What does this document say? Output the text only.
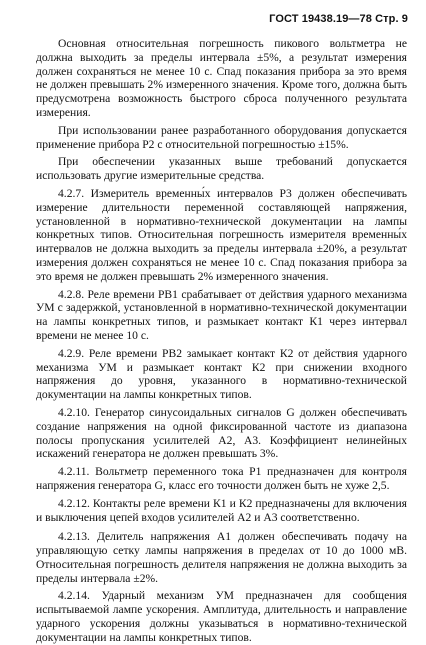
ГОСТ 19438.19—78 Стр. 9

Основная относительная погрешность пикового вольтметра не должна выходить за пределы интервала ±5%, а результат измерения должен сохраняться не менее 10 с. Спад показания прибора за это время не должен превышать 2% измеренного значения. Кроме того, должна быть предусмотрена возможность быстрого сброса полученного результата измерения.

При использовании ранее разработанного оборудования допускается применение прибора Р2 с относительной погрешностью ±15%.

При обеспечении указанных выше требований допускается использовать другие измерительные средства.

4.2.7. Измеритель временны́х интервалов Р3 должен обеспечивать измерение длительности переменной составляющей напряжения, установленной в нормативно-технической документации на лампы конкретных типов. Относительная погрешность измерителя временны́х интервалов не должна выходить за пределы интервала ±20%, а результат измерения должен сохраняться не менее 10 с. Спад показания прибора за это время не должен превышать 2% измеренного значения.

4.2.8. Реле времени РВ1 срабатывает от действия ударного механизма УМ с задержкой, установленной в нормативно-технической документации на лампы конкретных типов, и размыкает контакт К1 через интервал времени не менее 10 с.

4.2.9. Реле времени РВ2 замыкает контакт К2 от действия ударного механизма УМ и размыкает контакт К2 при снижении входного напряжения до уровня, указанного в нормативно-технической документации на лампы конкретных типов.

4.2.10. Генератор синусоидальных сигналов G должен обеспечивать создание напряжения на одной фиксированной частоте из диапазона полосы пропускания усилителей А2, А3. Коэффициент нелинейных искажений генератора не должен превышать 3%.

4.2.11. Вольтметр переменного тока Р1 предназначен для контроля напряжения генератора G, класс его точности должен быть не хуже 2,5.

4.2.12. Контакты реле времени К1 и К2 предназначены для включения и выключения цепей входов усилителей А2 и А3 соответственно.

4.2.13. Делитель напряжения А1 должен обеспечивать подачу на управляющую сетку лампы напряжения в пределах от 10 до 1000 мВ. Относительная погрешность делителя напряжения не должна выходить за пределы интервала ±2%.

4.2.14. Ударный механизм УМ предназначен для сообщения испытываемой лампе ускорения. Амплитуда, длительность и направление ударного ускорения должны указываться в нормативно-технической документации на лампы конкретных типов.
